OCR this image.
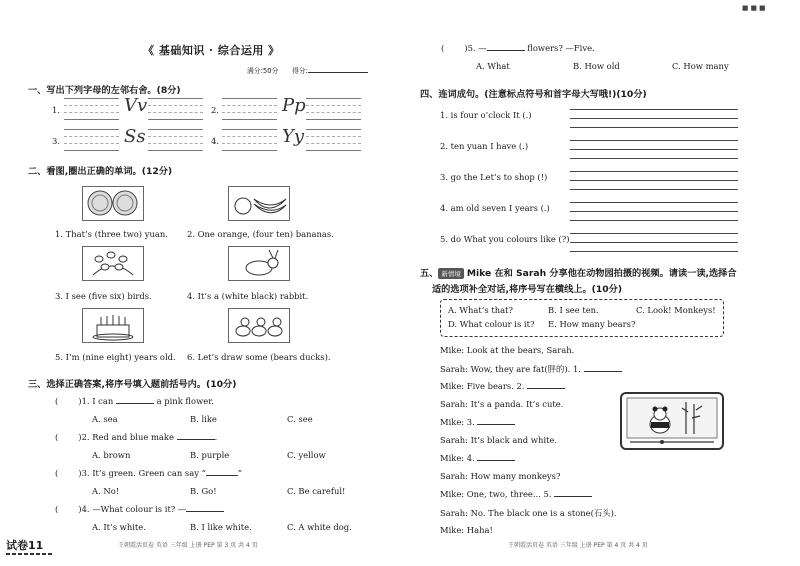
《 基础知识 · 综合运用 》
满分:50分 得分:
一、写出下列字母的左邻右舍。(8分)
1.	Vv	2.	Pp
3.	Ss	4.	Yy
二、看图,圈出正确的单词。(12分)
1. That’s (three two) yuan. 2. One orange, (four ten) bananas.
3. I see (five six) birds.	4. It’s a (white black) rabbit.
5. I’m (nine eight) years old. 6. Let’s draw some (bears ducks).
三、选择正确答案,将序号填入题前括号内。(10分)
( )1. I can	a pink flower.
A. sea	B. like	C. see
( )2. Red and blue make	.
A. brown	B. purple	C. yellow
( )3. It’s green. Green can say “	”
A. No!	B. Go!	C. Be careful!
( )4. —What colour is it? —
A. It’s white.	B. I like white.	C. A white dog.
试卷11	王朝霞活页卷 英语 三年级 上册 PEP 第 3 页 共 4 页
■ ■ ■
( )5. —	flowers? —Five.
A. What	B. How old	C. How many
四、连词成句。(注意标点符号和首字母大写哦!)(10分)
1. is four o’clock It (.)
2. ten yuan I have (.)
3. go the Let’s to shop (!)
4. am old seven I years (.)
5. do What you colours like (?)
五、 新情境 Mike 在和 Sarah 分享他在动物园拍摄的视频。请读一读,选择合
适的选项补全对话,将序号写在横线上。(10分)
A. What’s that?	B. I see ten.	C. Look! Monkeys!
D. What colour is it? E. How many bears?
Mike: Look at the bears, Sarah.
Sarah: Wow, they are fat(胖的). 1.
Mike: Five bears. 2.
Sarah: It’s a panda. It’s cute.
Mike: 3.
Sarah: It’s black and white.
Mike: 4.
Sarah: How many monkeys?
Mike: One, two, three... 5.
Sarah: No. The black one is a stone(石头).
Mike: Haha!
王朝霞活页卷 英语 三年级 上册 PEP 第 4 页 共 4 页
